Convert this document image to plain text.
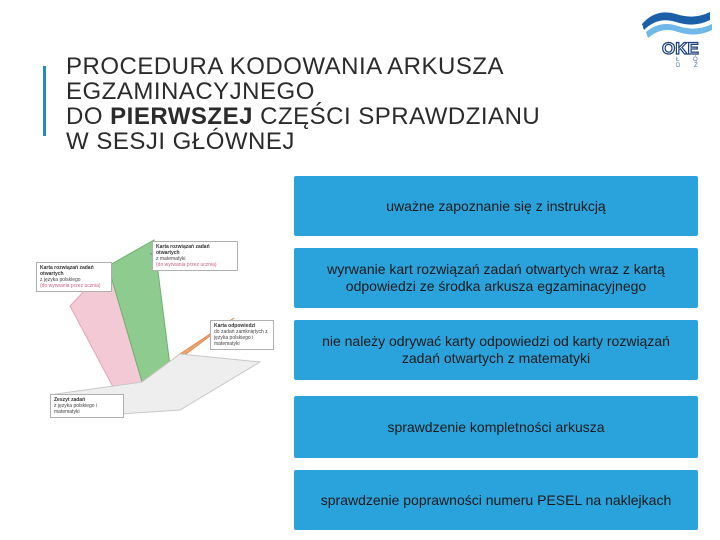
PROCEDURA KODOWANIA ARKUSZA
EGZAMINACYJNEGO
DO PIERWSZEJ CZĘŚCI SPRAWDZIANU
W SESJI GŁÓWNEJ
OKE
Ł Ó D Ź
Karta rozwiązań zadań otwartych
z matematyki
(do wyrwania przez ucznia)
Karta rozwiązań zadań otwartych
z języka polskiego
(do wyrwania przez ucznia)
Karta odpowiedzi
do zadań zamkniętych z języka polskiego i matematyki
Zeszyt zadań
z języka polskiego i matematyki
uważne zapoznanie się z instrukcją
wyrwanie kart rozwiązań zadań otwartych wraz z kartą odpowiedzi ze środka arkusza egzaminacyjnego
nie należy odrywać karty odpowiedzi od karty rozwiązań zadań otwartych z matematyki
sprawdzenie kompletności arkusza
sprawdzenie poprawności numeru PESEL na naklejkach
